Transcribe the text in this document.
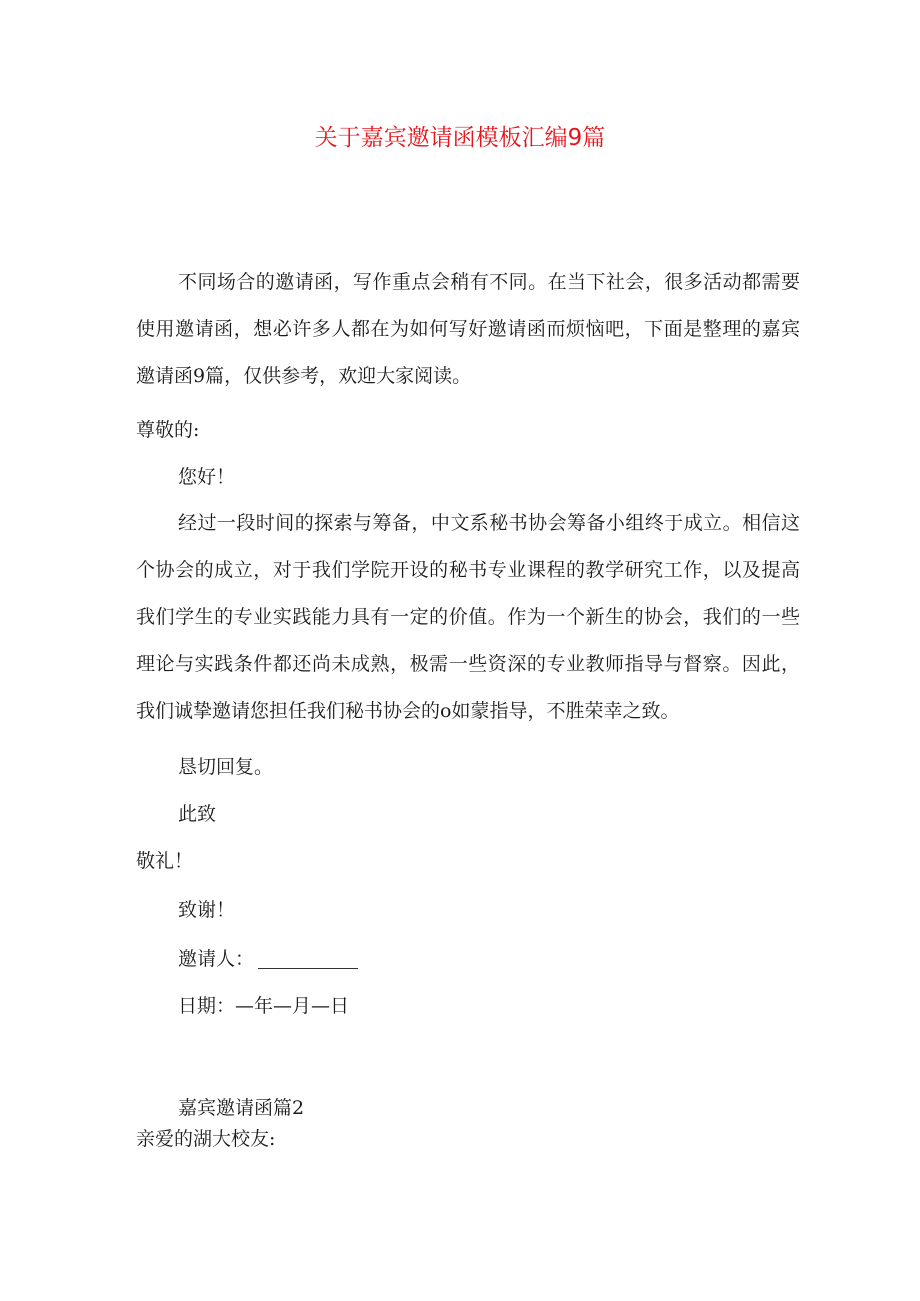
关于嘉宾邀请函模板汇编9篇

不同场合的邀请函，写作重点会稍有不同。在当下社会，很多活动都需要使用邀请函，想必许多人都在为如何写好邀请函而烦恼吧，下面是整理的嘉宾邀请函9篇，仅供参考，欢迎大家阅读。

尊敬的:
您好！

经过一段时间的探索与筹备，中文系秘书协会筹备小组终于成立。相信这个协会的成立，对于我们学院开设的秘书专业课程的教学研究工作，以及提高我们学生的专业实践能力具有一定的价值。作为一个新生的协会，我们的一些理论与实践条件都还尚未成熟，极需一些资深的专业教师指导与督察。因此，我们诚挚邀请您担任我们秘书协会的o如蒙指导，不胜荣幸之致。

恳切回复。
此致
敬礼！
致谢！
邀请人：
日期：—年—月—日
嘉宾邀请函篇2
亲爱的湖大校友:
